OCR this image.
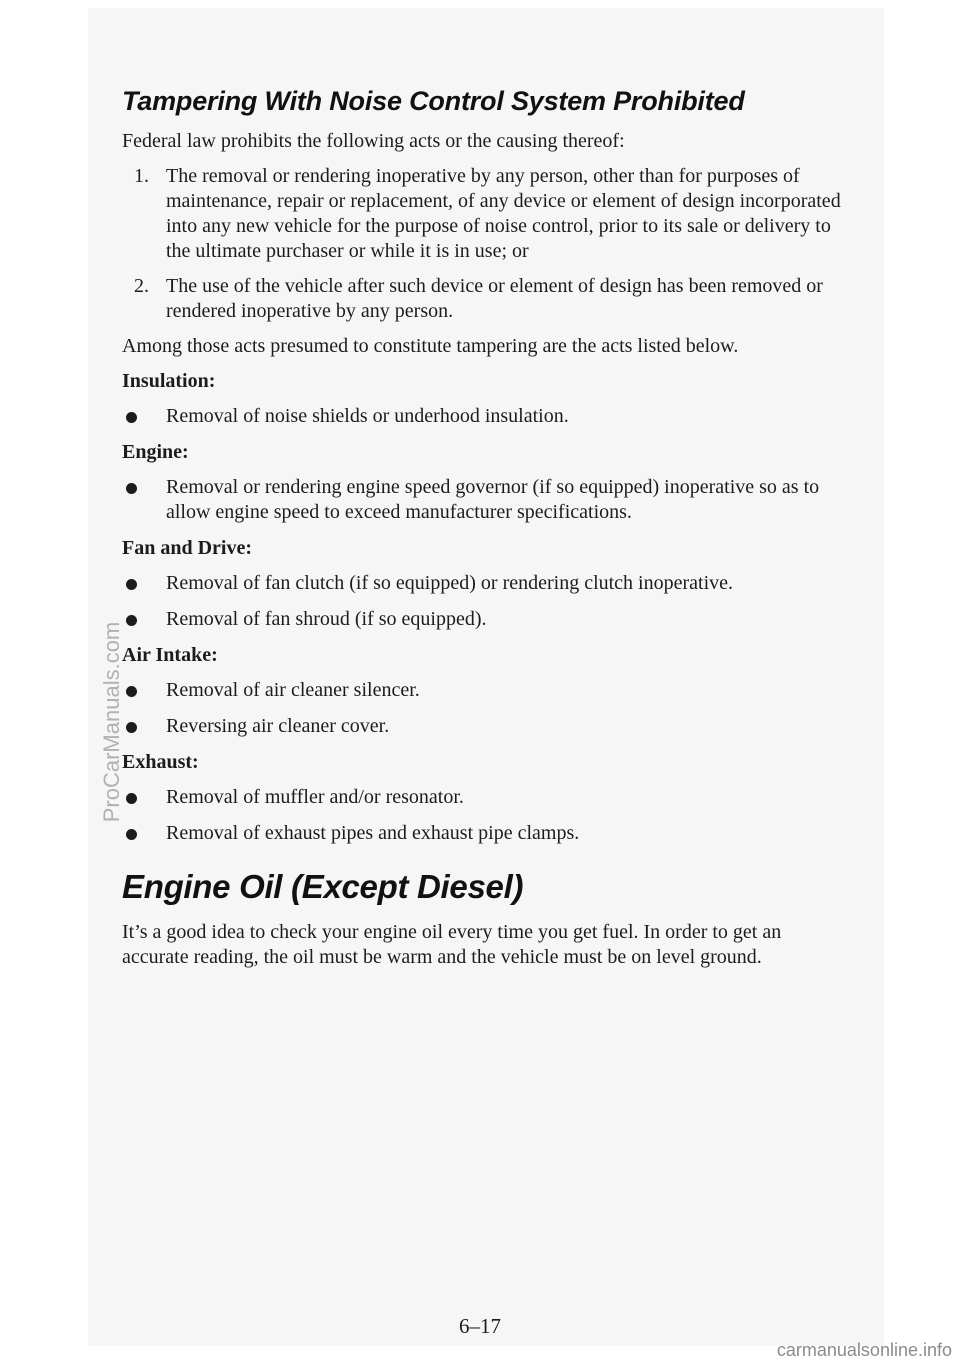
Tampering With Noise Control System Prohibited

Federal law prohibits the following acts or the causing thereof:

1. The removal or rendering inoperative by any person, other than for purposes of maintenance, repair or replacement, of any device or element of design incorporated into any new vehicle for the purpose of noise control, prior to its sale or delivery to the ultimate purchaser or while it is in use; or
2. The use of the vehicle after such device or element of design has been removed or rendered inoperative by any person.

Among those acts presumed to constitute tampering are the acts listed below.

Insulation:
Removal of noise shields or underhood insulation.
Engine:
Removal or rendering engine speed governor (if so equipped) inoperative so as to allow engine speed to exceed manufacturer specifications.
Fan and Drive:
Removal of fan clutch (if so equipped) or rendering clutch inoperative.
Removal of fan shroud (if so equipped).
Air Intake:
Removal of air cleaner silencer.
Reversing air cleaner cover.
Exhaust:
Removal of muffler and/or resonator.
Removal of exhaust pipes and exhaust pipe clamps.
Engine Oil (Except Diesel)

It’s a good idea to check your engine oil every time you get fuel. In order to get an accurate reading, the oil must be warm and the vehicle must be on level ground.

6–17
ProCarManuals.com
carmanualsonline.info
